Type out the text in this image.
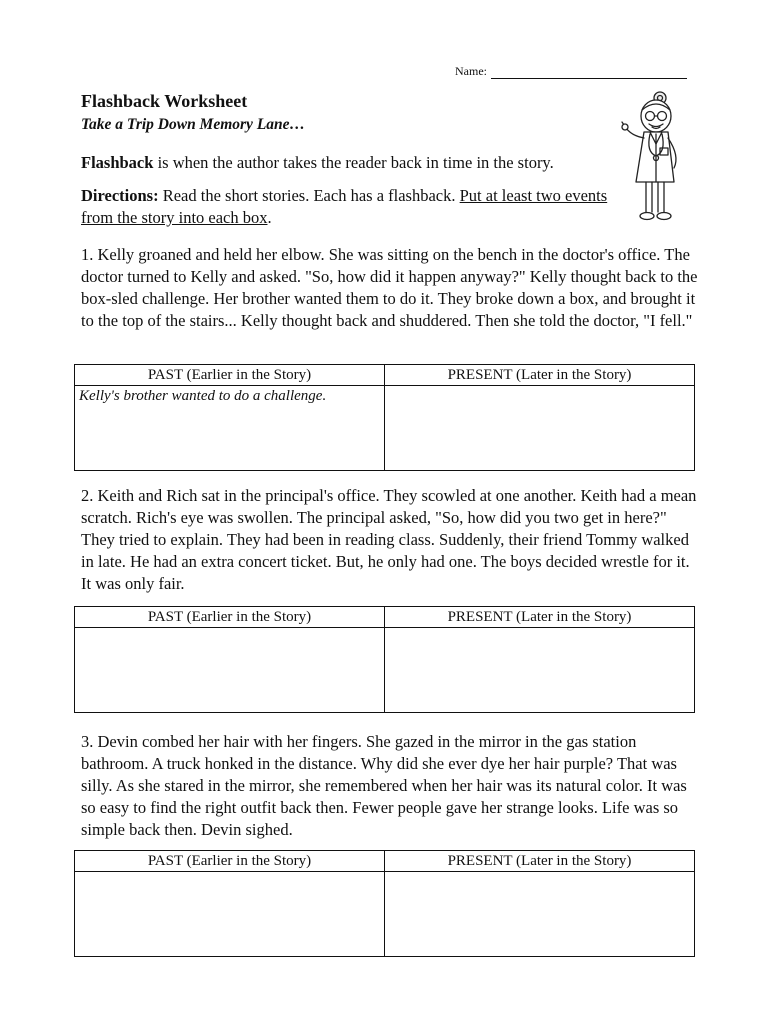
Name:
Flashback Worksheet
Take a Trip Down Memory Lane…
Flashback is when the author takes the reader back in time in the story.
Directions: Read the short stories. Each has a flashback. Put at least two events from the story into each box.
1. Kelly groaned and held her elbow. She was sitting on the bench in the doctor's office. The doctor turned to Kelly and asked. "So, how did it happen anyway?" Kelly thought back to the box-sled challenge. Her brother wanted them to do it. They broke down a box, and brought it to the top of the stairs... Kelly thought back and shuddered. Then she told the doctor, "I fell."
PAST (Earlier in the Story)	PRESENT (Later in the Story)
Kelly's brother wanted to do a challenge.	
2. Keith and Rich sat in the principal's office. They scowled at one another. Keith had a mean scratch. Rich's eye was swollen. The principal asked, "So, how did you two get in here?" They tried to explain. They had been in reading class. Suddenly, their friend Tommy walked in late. He had an extra concert ticket. But, he only had one. The boys decided wrestle for it. It was only fair.
PAST (Earlier in the Story)	PRESENT (Later in the Story)

3. Devin combed her hair with her fingers. She gazed in the mirror in the gas station bathroom. A truck honked in the distance. Why did she ever dye her hair purple? That was silly. As she stared in the mirror, she remembered when her hair was its natural color. It was so easy to find the right outfit back then. Fewer people gave her strange looks. Life was so simple back then. Devin sighed.
PAST (Earlier in the Story)	PRESENT (Later in the Story)
